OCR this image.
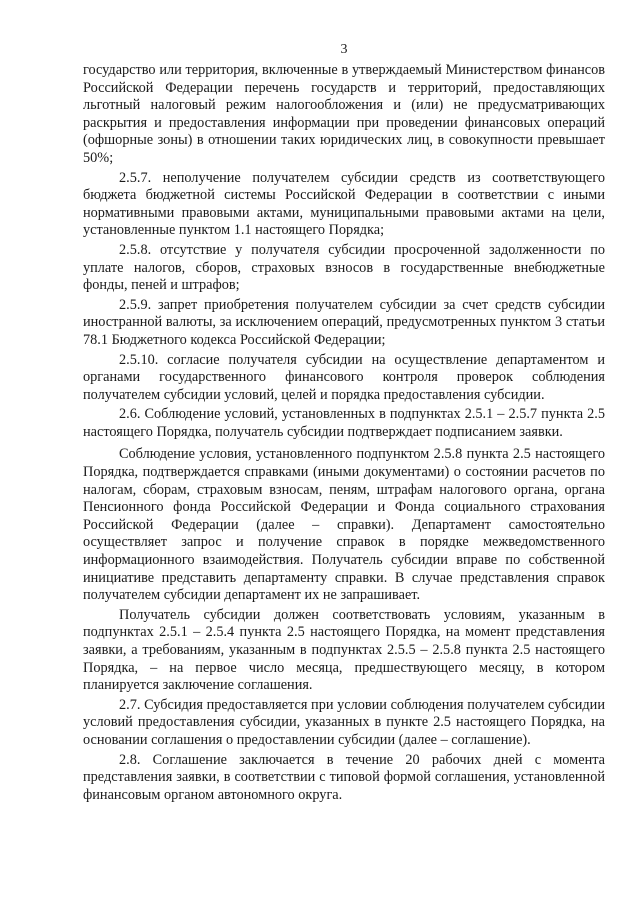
3

государство или территория, включенные в утверждаемый Министерством финансов Российской Федерации перечень государств и территорий, предоставляющих льготный налоговый режим налогообложения и (или) не предусматривающих раскрытия и предоставления информации при проведении финансовых операций (офшорные зоны) в отношении таких юридических лиц, в совокупности превышает 50%;

2.5.7. неполучение получателем субсидии средств из соответствующего бюджета бюджетной системы Российской Федерации в соответствии с иными нормативными правовыми актами, муниципальными правовыми актами на цели, установленные пунктом 1.1 настоящего Порядка;

2.5.8. отсутствие у получателя субсидии просроченной задолженности по уплате налогов, сборов, страховых взносов в государственные внебюджетные фонды, пеней и штрафов;

2.5.9. запрет приобретения получателем субсидии за счет средств субсидии иностранной валюты, за исключением операций, предусмотренных пунктом 3 статьи 78.1 Бюджетного кодекса Российской Федерации;

2.5.10. согласие получателя субсидии на осуществление департаментом и органами государственного финансового контроля проверок соблюдения получателем субсидии условий, целей и порядка предоставления субсидии.

2.6. Соблюдение условий, установленных в подпунктах 2.5.1 – 2.5.7 пункта 2.5 настоящего Порядка, получатель субсидии подтверждает подписанием заявки.

Соблюдение условия, установленного подпунктом 2.5.8 пункта 2.5 настоящего Порядка, подтверждается справками (иными документами) о состоянии расчетов по налогам, сборам, страховым взносам, пеням, штрафам налогового органа, органа Пенсионного фонда Российской Федерации и Фонда социального страхования Российской Федерации (далее – справки). Департамент самостоятельно осуществляет запрос и получение справок в порядке межведомственного информационного взаимодействия. Получатель субсидии вправе по собственной инициативе представить департаменту справки. В случае представления справок получателем субсидии департамент их не запрашивает.

Получатель субсидии должен соответствовать условиям, указанным в подпунктах 2.5.1 – 2.5.4 пункта 2.5 настоящего Порядка, на момент представления заявки, а требованиям, указанным в подпунктах 2.5.5 – 2.5.8 пункта 2.5 настоящего Порядка, – на первое число месяца, предшествующего месяцу, в котором планируется заключение соглашения.

2.7. Субсидия предоставляется при условии соблюдения получателем субсидии условий предоставления субсидии, указанных в пункте 2.5 настоящего Порядка, на основании соглашения о предоставлении субсидии (далее – соглашение).

2.8. Соглашение заключается в течение 20 рабочих дней с момента представления заявки, в соответствии с типовой формой соглашения, установленной финансовым органом автономного округа.
